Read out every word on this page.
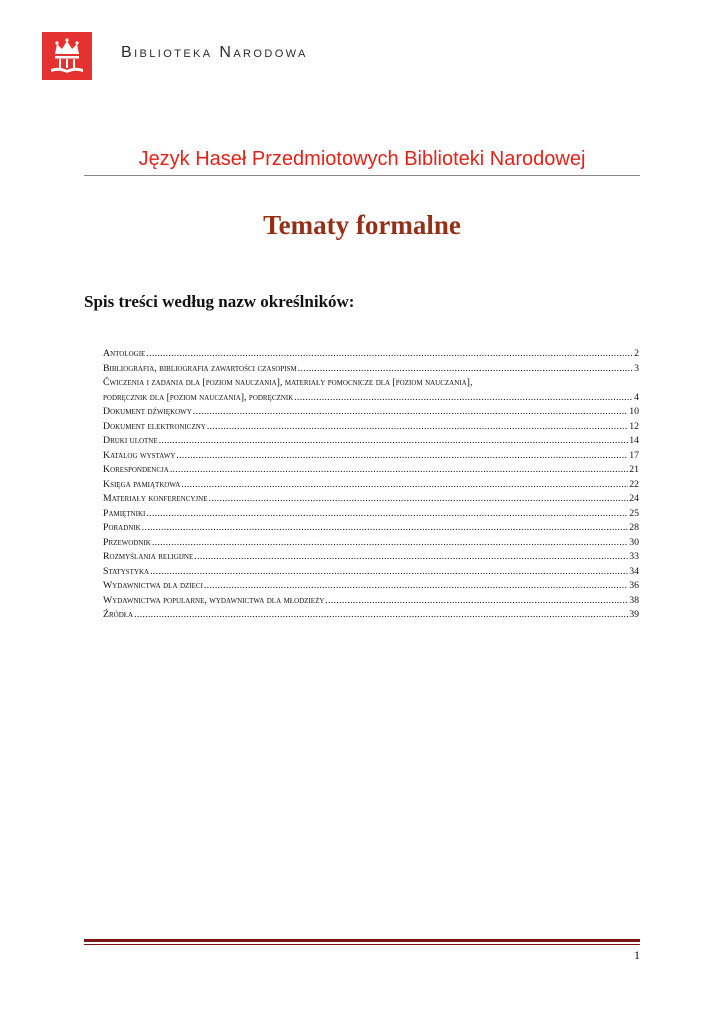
Biblioteka Narodowa
Język Haseł Przedmiotowych Biblioteki Narodowej
Tematy formalne
Spis treści według nazw określników:
Antologie .....	2
Bibliografia, bibliografia zawartości czasopism .....	3
Ćwiczenia i zadania dla [poziom nauczania], materiały pomocnicze dla [poziom nauczania],
podręcznik dla [poziom nauczania], podręcznik .....	4
Dokument dźwiękowy .....	10
Dokument elektroniczny .....	12
Druki ulotne .....	14
Katalog wystawy .....	17
Korespondencja .....	21
Księga pamiątkowa .....	22
Materiały konferencyjne .....	24
Pamiętniki .....	25
Poradnik .....	28
Przewodnik .....	30
Rozmyślania religijne .....	33
Statystyka .....	34
Wydawnictwa dla dzieci .....	36
Wydawnictwa popularne, wydawnictwa dla młodzieży .....	38
Źródła .....	39
1
